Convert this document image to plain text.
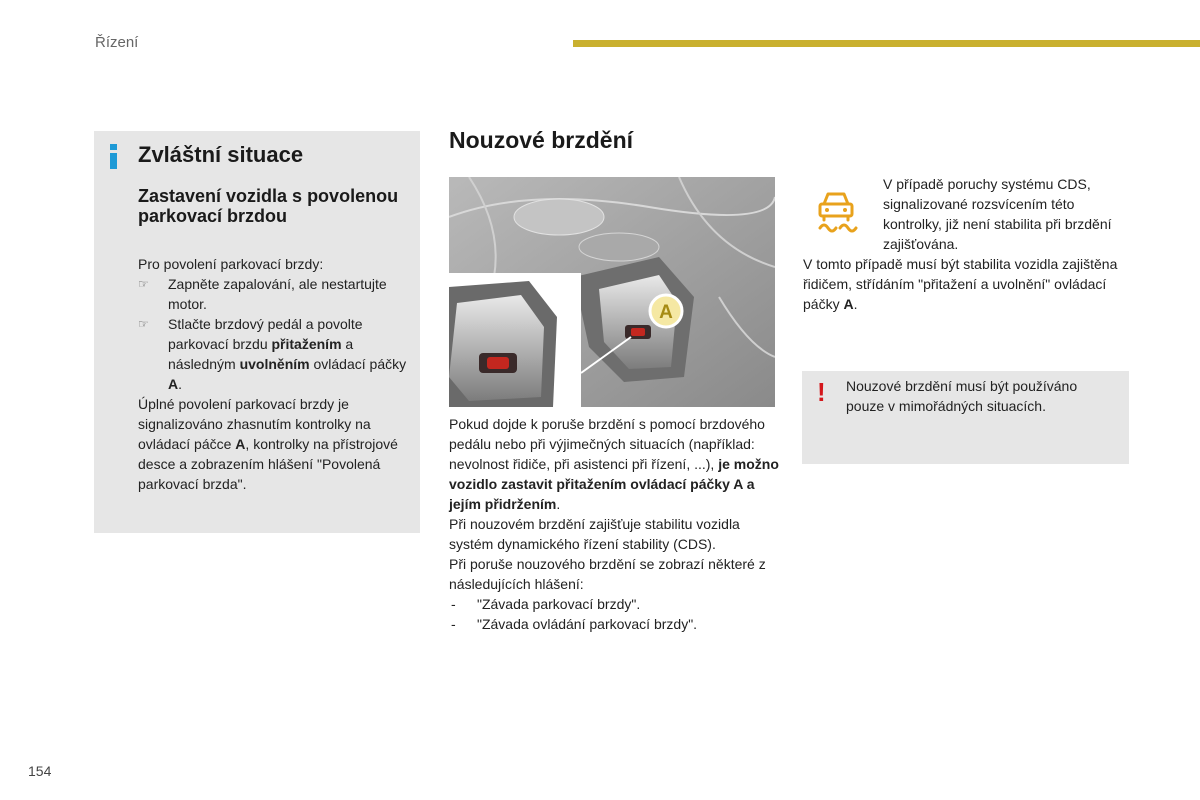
Řízení
Zvláštní situace
Zastavení vozidla s povolenou parkovací brzdou

Pro povolení parkovací brzdy:

☞ Zapněte zapalování, ale nestartujte motor.

☞ Stlačte brzdový pedál a povolte parkovací brzdu přitažením a následným uvolněním ovládací páčky A.

Úplné povolení parkovací brzdy je signalizováno zhasnutím kontrolky na ovládací páčce A, kontrolky na přístrojové desce a zobrazením hlášení "Povolená parkovací brzda".

Nouzové brzdění
A

Pokud dojde k poruše brzdění s pomocí brzdového pedálu nebo při výjimečných situacích (například: nevolnost řidiče, při asistenci při řízení, ...), je možno vozidlo zastavit přitažením ovládací páčky A a jejím přidržením.

Při nouzovém brzdění zajišťuje stabilitu vozidla systém dynamického řízení stability (CDS).

Při poruše nouzového brzdění se zobrazí některé z následujících hlášení:

- "Závada parkovací brzdy".

- "Závada ovládání parkovací brzdy".

V případě poruchy systému CDS, signalizované rozsvícením této kontrolky, již není stabilita při brzdění zajišťována.

V tomto případě musí být stabilita vozidla zajištěna řidičem, střídáním "přitažení a uvolnění" ovládací páčky A.

! Nouzové brzdění musí být používáno pouze v mimořádných situacích.

154
